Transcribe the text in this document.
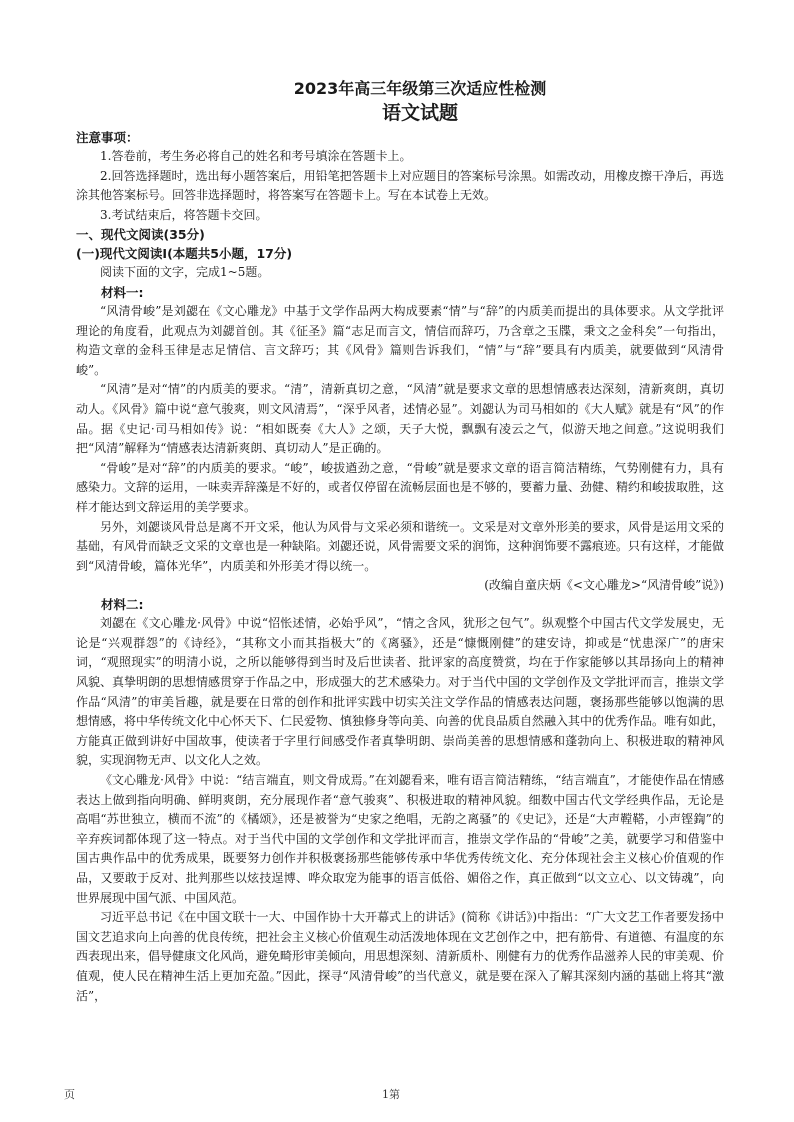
2023年高三年级第三次适应性检测
语文试题
注意事项：

1.答卷前，考生务必将自己的姓名和考号填涂在答题卡上。

2.回答选择题时，选出每小题答案后，用铅笔把答题卡上对应题目的答案标号涂黑。如需改动，用橡皮擦干净后，再选涂其他答案标号。回答非选择题时，将答案写在答题卡上。写在本试卷上无效。

3.考试结束后，将答题卡交回。

一、现代文阅读(35分)
(一)现代文阅读Ⅰ(本题共5小题，17分)

阅读下面的文字，完成1~5题。

材料一:

“风清骨峻”是刘勰在《文心雕龙》中基于文学作品两大构成要素“情”与“辞”的内质美而提出的具体要求。从文学批评理论的角度看，此观点为刘勰首创。其《征圣》篇“志足而言文，情信而辞巧，乃含章之玉牒，秉文之金科矣”一句指出，构造文章的金科玉律是志足情信、言文辞巧；其《风骨》篇则告诉我们，“情”与“辞”要具有内质美，就要做到“风清骨峻”。

“风清”是对“情”的内质美的要求。“清”，清新真切之意，“风清”就是要求文章的思想情感表达深刻，清新爽朗，真切动人。《风骨》篇中说“意气骏爽，则文风清焉”，“深乎风者，述情必显”。刘勰认为司马相如的《大人赋》就是有“风”的作品。据《史记·司马相如传》说：“相如既奏《大人》之颂，天子大悦，飘飘有凌云之气，似游天地之间意。”这说明我们把“风清”解释为“情感表达清新爽朗、真切动人”是正确的。

“骨峻”是对“辞”的内质美的要求。“峻”，峻拔遒劲之意，“骨峻”就是要求文章的语言简洁精练，气势刚健有力，具有感染力。文辞的运用，一味卖弄辞藻是不好的，或者仅停留在流畅层面也是不够的，要蓄力量、劲健、精约和峻拔取胜，这样才能达到文辞运用的美学要求。

另外，刘勰谈风骨总是离不开文采，他认为风骨与文采必须和谐统一。文采是对文章外形美的要求，风骨是运用文采的基础，有风骨而缺乏文采的文章也是一种缺陷。刘勰还说，风骨需要文采的润饰，这种润饰要不露痕迹。只有这样，才能做到“风清骨峻，篇体光华”，内质美和外形美才得以统一。

(改编自童庆炳《<文心雕龙>“风清骨峻”说》)
材料二:

刘勰在《文心雕龙·风骨》中说“怊怅述情，必始乎风”，“情之含风，犹形之包气”。纵观整个中国古代文学发展史，无论是“兴观群怨”的《诗经》，“其称文小而其指极大”的《离骚》，还是“慷慨刚健”的建安诗，抑或是“忧患深广”的唐宋词，“观照现实”的明清小说，之所以能够得到当时及后世读者、批评家的高度赞赏，均在于作家能够以其昂扬向上的精神风貌、真挚明朗的思想情感贯穿于作品之中，形成强大的艺术感染力。对于当代中国的文学创作及文学批评而言，推崇文学作品“风清”的审美旨趣，就是要在日常的创作和批评实践中切实关注文学作品的情感表达问题，褒扬那些能够以饱满的思想情感，将中华传统文化中心怀天下、仁民爱物、慎独修身等向美、向善的优良品质自然融入其中的优秀作品。唯有如此，方能真正做到讲好中国故事，使读者于字里行间感受作者真挚明朗、崇尚美善的思想情感和蓬勃向上、积极进取的精神风貌，实现润物无声、以文化人之效。

《文心雕龙·风骨》中说：“结言端直，则文骨成焉。”在刘勰看来，唯有语言简洁精练，“结言端直”，才能使作品在情感表达上做到指向明确、鲜明爽朗，充分展现作者“意气骏爽”、积极进取的精神风貌。细数中国古代文学经典作品，无论是高唱“苏世独立，横而不流”的《橘颂》，还是被誉为“史家之绝唱，无韵之离骚”的《史记》，还是“大声鞺鞳，小声铿鍧”的辛弃疾词都体现了这一特点。对于当代中国的文学创作和文学批评而言，推崇文学作品的“骨峻”之美，就要学习和借鉴中国古典作品中的优秀成果，既要努力创作并积极褒扬那些能够传承中华优秀传统文化、充分体现社会主义核心价值观的作品，又要敢于反对、批判那些以炫技逞博、哗众取宠为能事的语言低俗、媚俗之作，真正做到“以文立心、以文铸魂”，向世界展现中国气派、中国风范。

习近平总书记《在中国文联十一大、中国作协十大开幕式上的讲话》(简称《讲话》)中指出：“广大文艺工作者要发扬中国文艺追求向上向善的优良传统，把社会主义核心价值观生动活泼地体现在文艺创作之中，把有筋骨、有道德、有温度的东西表现出来，倡导健康文化风尚，避免畸形审美倾向，用思想深刻、清新质朴、刚健有力的优秀作品滋养人民的审美观、价值观，使人民在精神生活上更加充盈。”因此，探寻“风清骨峻”的当代意义，就是要在深入了解其深刻内涵的基础上将其“激活”，

页	1第
